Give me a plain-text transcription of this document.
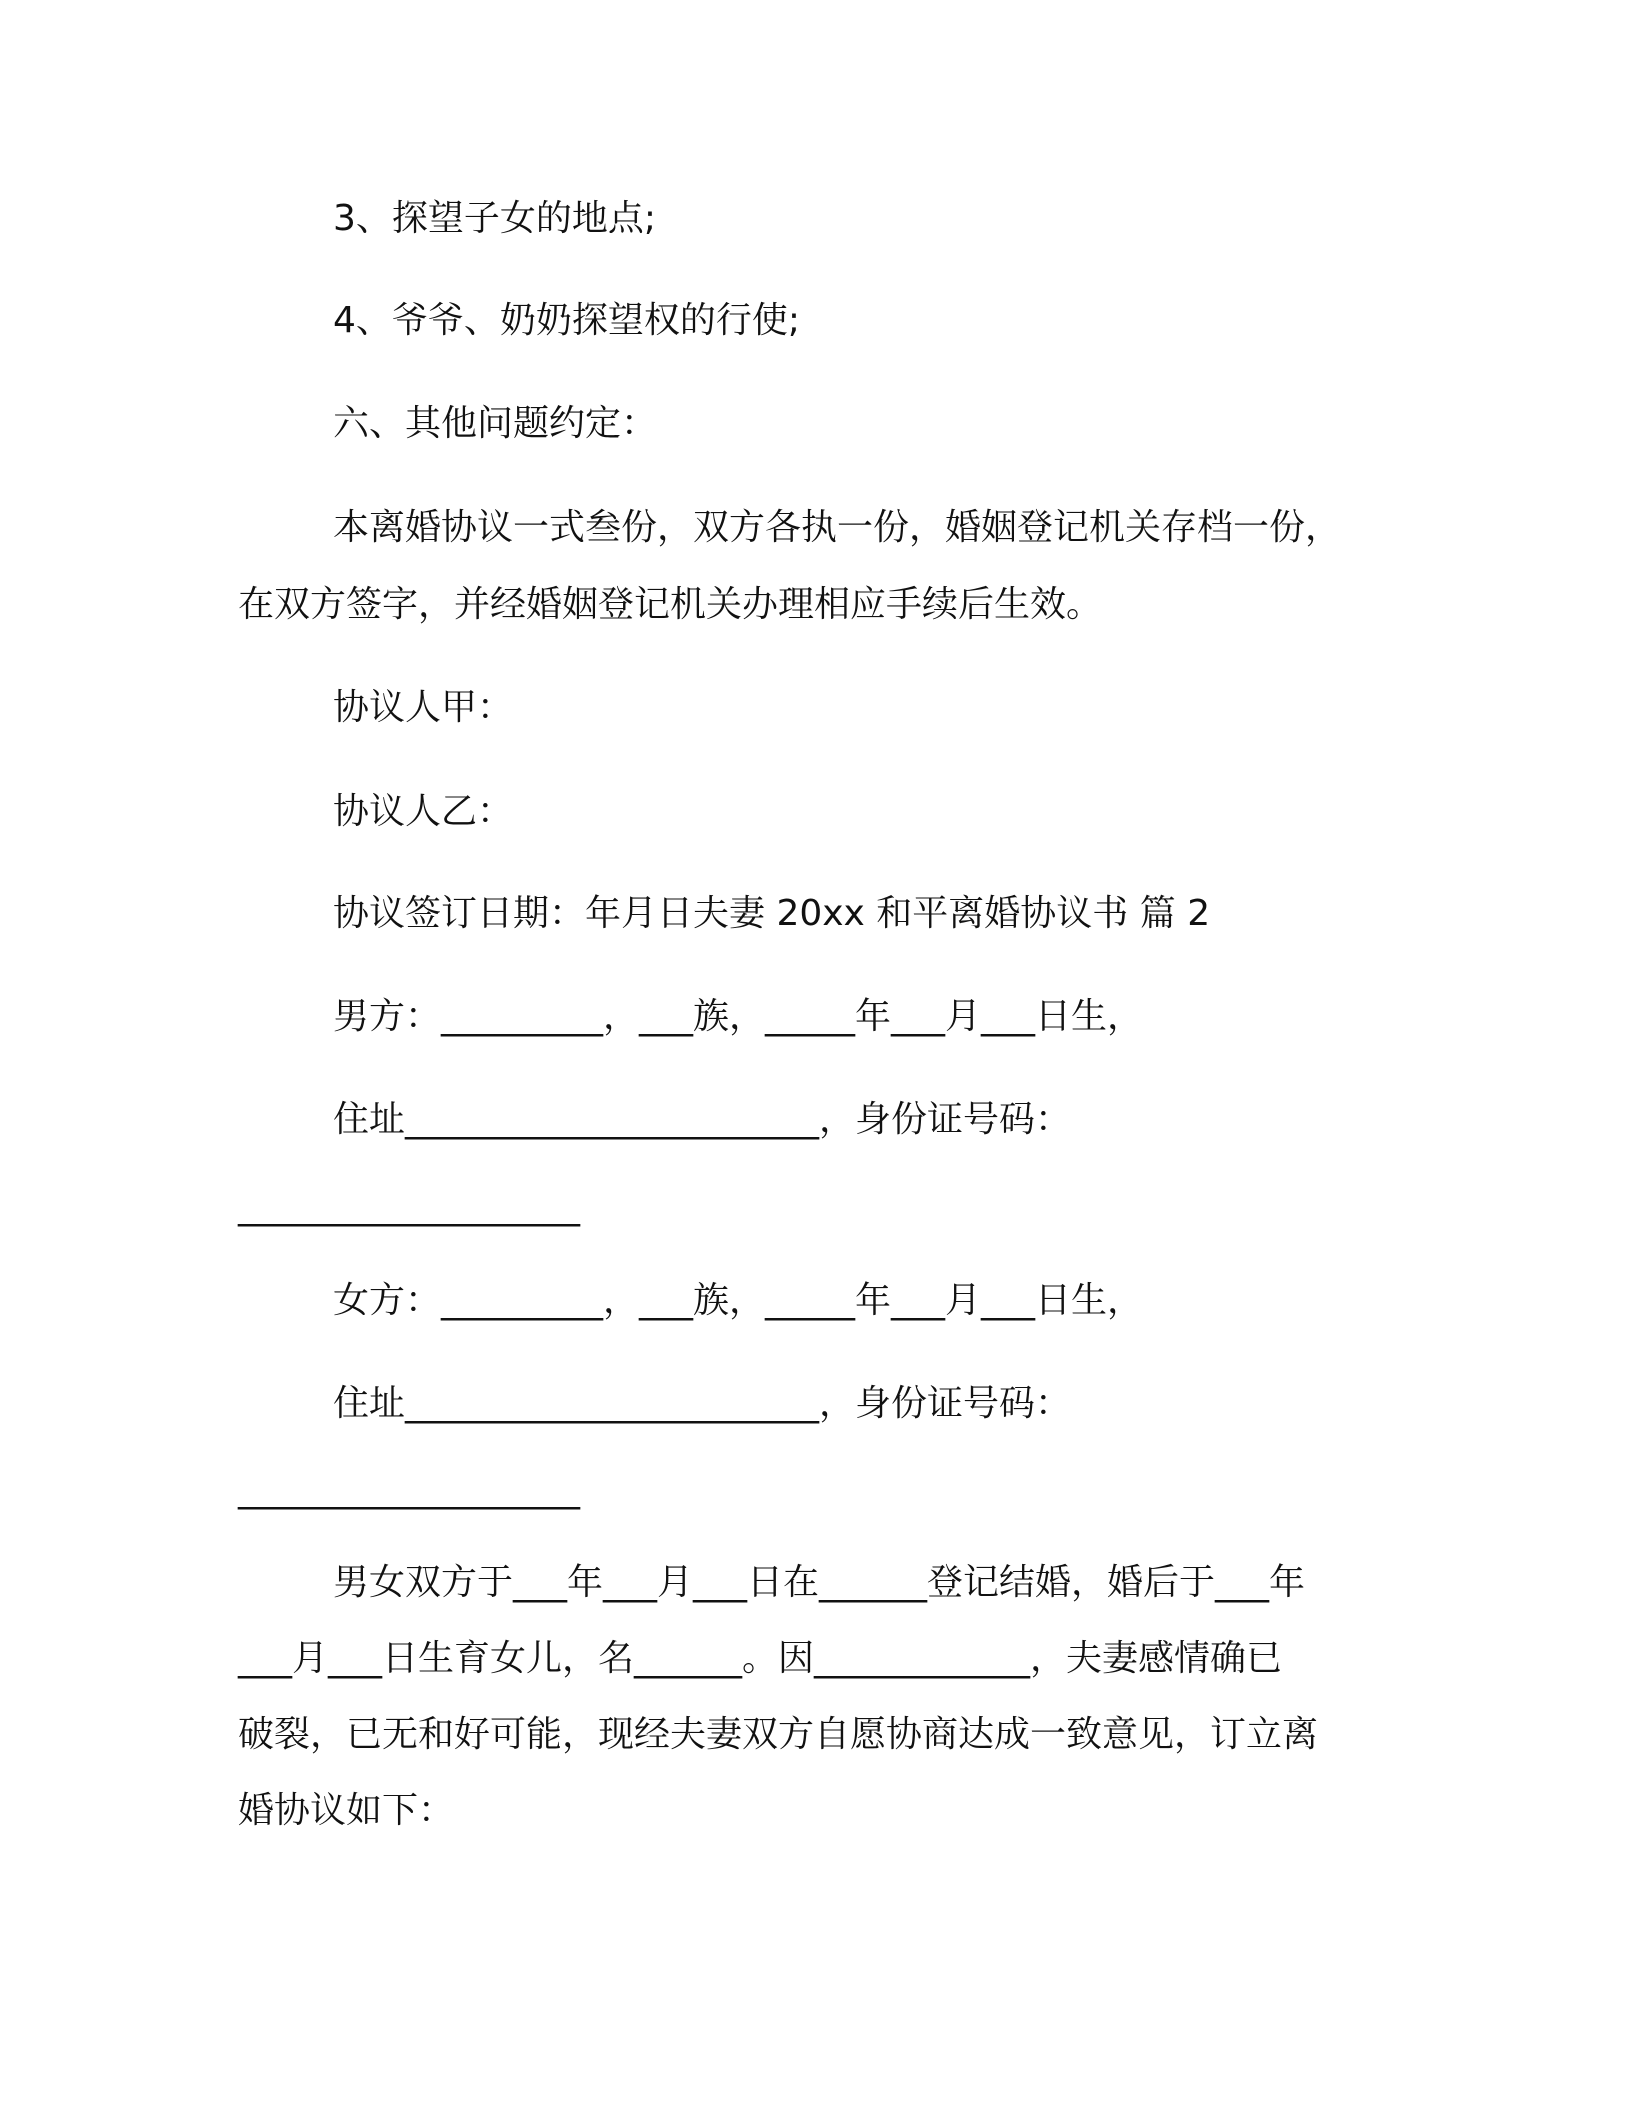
3、探望子女的地点;
4、爷爷、奶奶探望权的行使;
六、其他问题约定：
本离婚协议一式叁份，双方各执一份，婚姻登记机关存档一份，
在双方签字，并经婚姻登记机关办理相应手续后生效。
协议人甲：
协议人乙：
协议签订日期：年月日夫妻 20xx 和平离婚协议书 篇 2
男方：_________，___族，_____年___月___日生，
住址_______________________，身份证号码：
___________________
女方：_________，___族，_____年___月___日生，
住址_______________________，身份证号码：
___________________
男女双方于___年___月___日在______登记结婚，婚后于___年
___月___日生育女儿，名______。因____________，夫妻感情确已
破裂，已无和好可能，现经夫妻双方自愿协商达成一致意见，订立离
婚协议如下：
